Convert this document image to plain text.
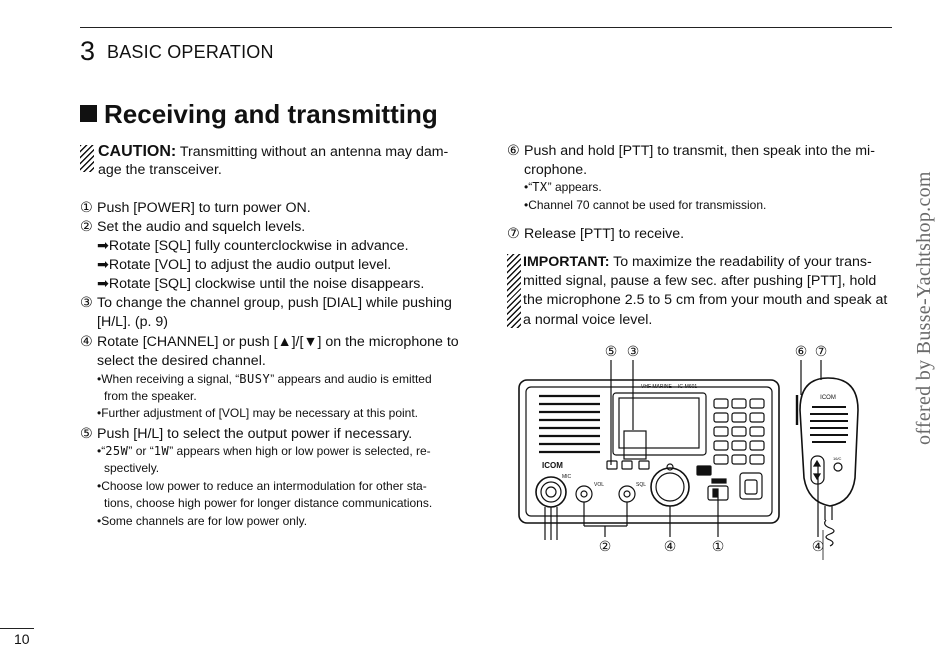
3 BASIC OPERATION
Receiving and transmitting
CAUTION: Transmitting without an antenna may dam-
age the transceiver.
① Push [POWER] to turn power ON.
② Set the audio and squelch levels.
➡Rotate [SQL] fully counterclockwise in advance.
➡Rotate [VOL] to adjust the audio output level.
➡Rotate [SQL] clockwise until the noise disappears.
③ To change the channel group, push [DIAL] while pushing
[H/L]. (p. 9)
④ Rotate [CHANNEL] or push [▲]/[▼] on the microphone to
select the desired channel.
•When receiving a signal, “BUSY” appears and audio is emitted
from the speaker.
•Further adjustment of [VOL] may be necessary at this point.
⑤ Push [H/L] to select the output power if necessary.
•“25W” or “1W” appears when high or low power is selected, re-
spectively.
•Choose low power to reduce an intermodulation for other sta-
tions, choose high power for longer distance communications.
•Some channels are for low power only.
⑥ Push and hold [PTT] to transmit, then speak into the mi-
crophone.
•“TX” appears.
•Channel 70 cannot be used for transmission.
⑦ Release [PTT] to receive.
IMPORTANT: To maximize the readability of your trans-
mitted signal, pause a few sec. after pushing [PTT], hold
the microphone 2.5 to 5 cm from your mouth and speak at
a normal voice level.
⑤ ③	⑥ ⑦
ICOM
VHF MARINE IC-M601
VOL	SQL
MIC
②	④	①	④
ICOM
16/C
10
offered by Busse-Yachtshop.com
